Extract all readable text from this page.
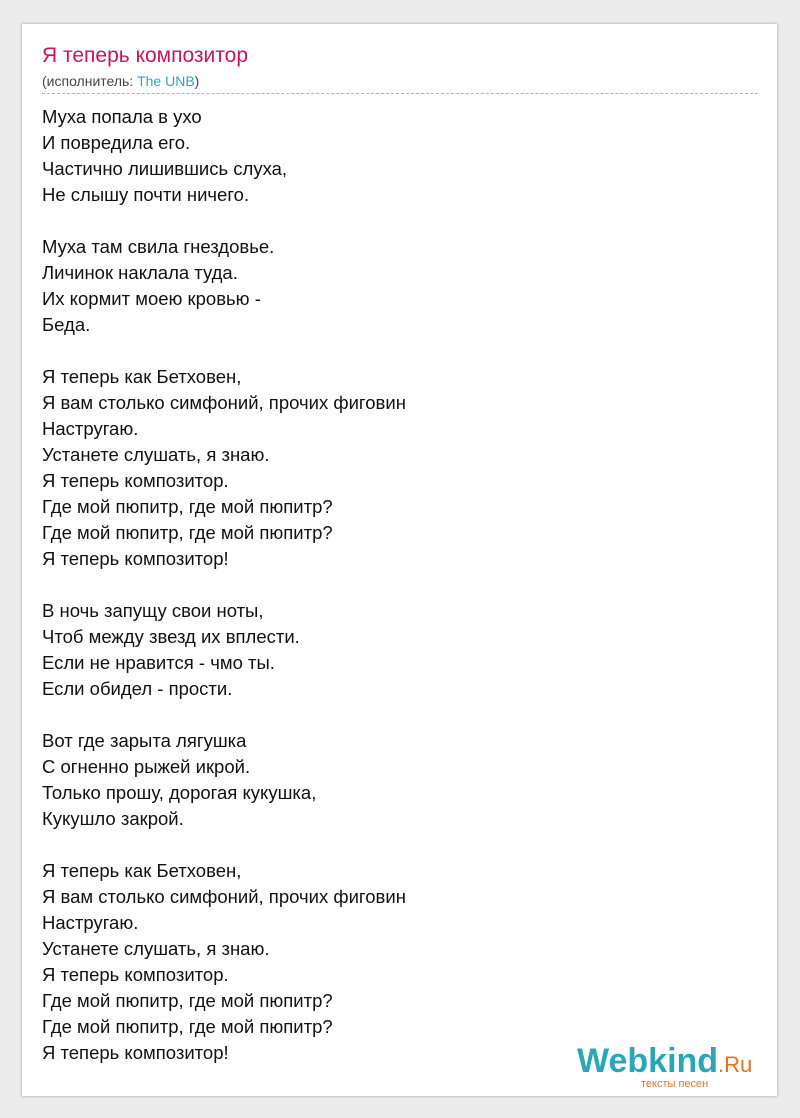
Я теперь композитор
(исполнитель: The UNB)
Муха попала в ухо
И повредила его.
Частично лишившись слуха,
Не слышу почти ничего.
Муха там свила гнездовье.
Личинок наклала туда.
Их кормит моею кровью -
Беда.
Я теперь как Бетховен,
Я вам столько симфоний, прочих фиговин
Настругаю.
Устанете слушать, я знаю.
Я теперь композитор.
Где мой пюпитр, где мой пюпитр?
Где мой пюпитр, где мой пюпитр?
Я теперь композитор!
В ночь запущу свои ноты,
Чтоб между звезд их вплести.
Если не нравится - чмо ты.
Если обидел - прости.
Вот где зарыта лягушка
С огненно рыжей икрой.
Только прошу, дорогая кукушка,
Кукушло закрой.
Я теперь как Бетховен,
Я вам столько симфоний, прочих фиговин
Настругаю.
Устанете слушать, я знаю.
Я теперь композитор.
Где мой пюпитр, где мой пюпитр?
Где мой пюпитр, где мой пюпитр?
Я теперь композитор!	Webkind.Ru
тексты песен
